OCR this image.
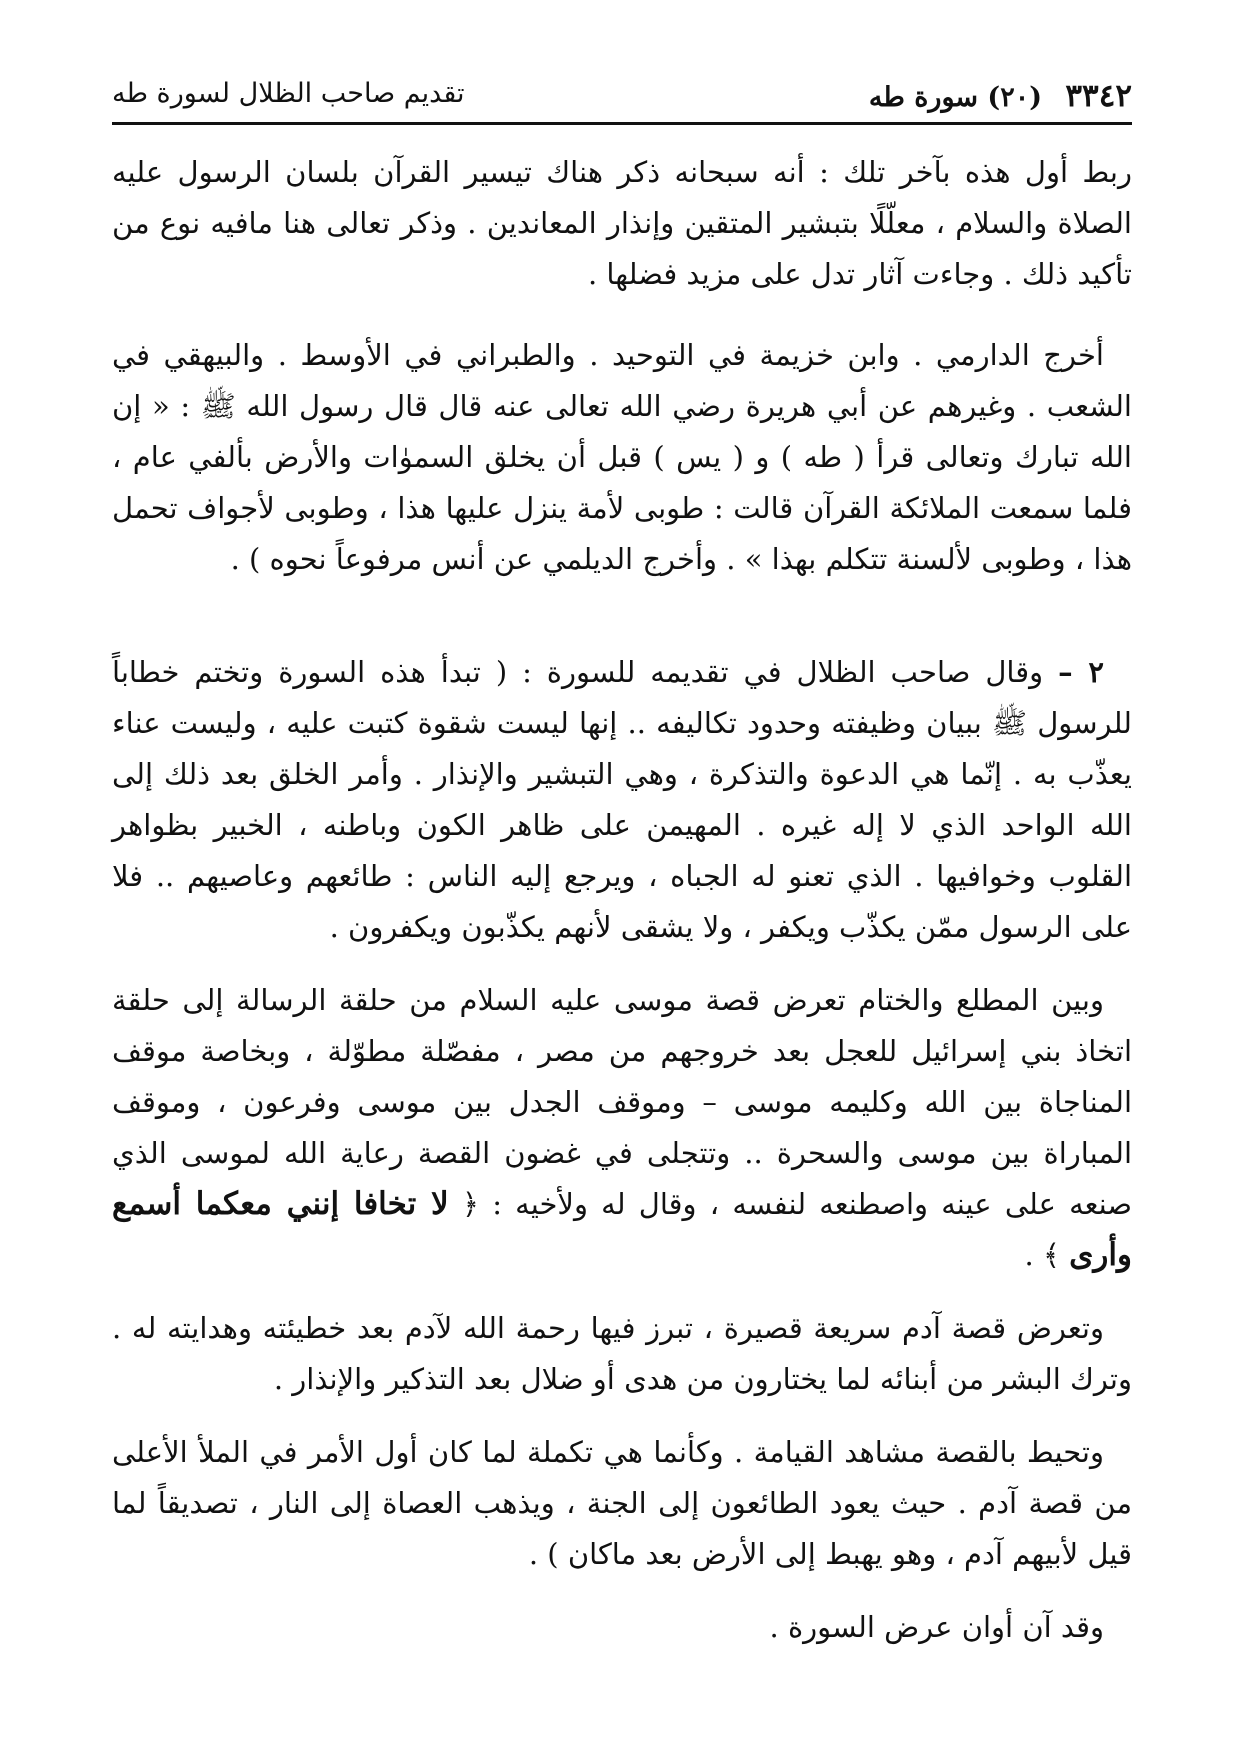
٣٣٤٢ (٢٠) سورة طه
تقديم صاحب الظلال لسورة طه

ربط أول هذه بآخر تلك : أنه سبحانه ذكر هناك تيسير القرآن بلسان الرسول عليه الصلاة والسلام ، معلّلًا بتبشير المتقين وإنذار المعاندين . وذكر تعالى هنا مافيه نوع من تأكيد ذلك . وجاءت آثار تدل على مزيد فضلها .

أخرج الدارمي . وابن خزيمة في التوحيد . والطبراني في الأوسط . والبيهقي في الشعب . وغيرهم عن أبي هريرة رضي الله تعالى عنه قال قال رسول الله ﷺ : « إن الله تبارك وتعالى قرأ ( طه ) و ( يس ) قبل أن يخلق السموٰات والأرض بألفي عام ، فلما سمعت الملائكة القرآن قالت : طوبى لأمة ينزل عليها هذا ، وطوبى لأجواف تحمل هذا ، وطوبى لألسنة تتكلم بهذا » . وأخرج الديلمي عن أنس مرفوعاً نحوه ) .

٢ – وقال صاحب الظلال في تقديمه للسورة : ( تبدأ هذه السورة وتختم خطاباً للرسول ﷺ ببيان وظيفته وحدود تكاليفه .. إنها ليست شقوة كتبت عليه ، وليست عناء يعذّب به . إنّما هي الدعوة والتذكرة ، وهي التبشير والإنذار . وأمر الخلق بعد ذلك إلى الله الواحد الذي لا إله غيره . المهيمن على ظاهر الكون وباطنه ، الخبير بظواهر القلوب وخوافيها . الذي تعنو له الجباه ، ويرجع إليه الناس : طائعهم وعاصيهم .. فلا على الرسول ممّن يكذّب ويكفر ، ولا يشقى لأنهم يكذّبون ويكفرون .

وبين المطلع والختام تعرض قصة موسى عليه السلام من حلقة الرسالة إلى حلقة اتخاذ بني إسرائيل للعجل بعد خروجهم من مصر ، مفصّلة مطوّلة ، وبخاصة موقف المناجاة بين الله وكليمه موسى – وموقف الجدل بين موسى وفرعون ، وموقف المباراة بين موسى والسحرة .. وتتجلى في غضون القصة رعاية الله لموسى الذي صنعه على عينه واصطنعه لنفسه ، وقال له ولأخيه : ﴿ لا تخافا إنني معكما أسمع وأرى ﴾ .

وتعرض قصة آدم سريعة قصيرة ، تبرز فيها رحمة الله لآدم بعد خطيئته وهدايته له . وترك البشر من أبنائه لما يختارون من هدى أو ضلال بعد التذكير والإنذار .

وتحيط بالقصة مشاهد القيامة . وكأنما هي تكملة لما كان أول الأمر في الملأ الأعلى من قصة آدم . حيث يعود الطائعون إلى الجنة ، ويذهب العصاة إلى النار ، تصديقاً لما قيل لأبيهم آدم ، وهو يهبط إلى الأرض بعد ماكان ) .

وقد آن أوان عرض السورة .
